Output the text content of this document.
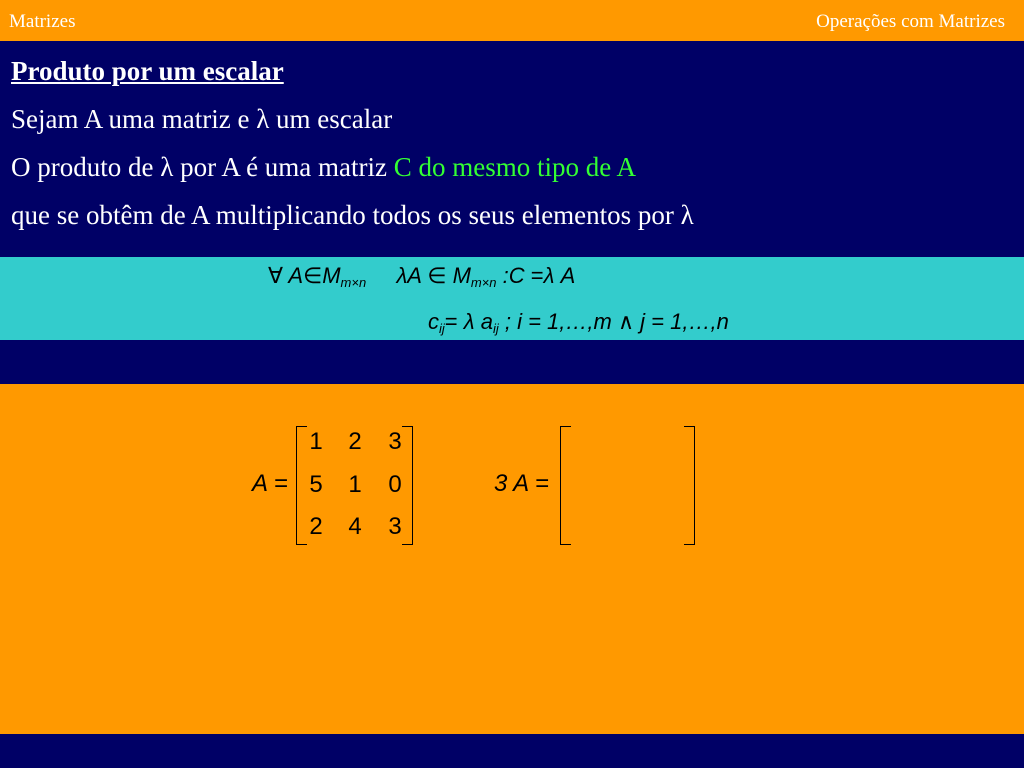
Matrizes	Operações com Matrizes
Produto por um escalar
Sejam A uma matriz e λ um escalar
O produto de λ por A é uma matriz C do mesmo tipo de A
que se obtêm de A multiplicando todos os seus elementos por λ
∀ $A\in M_{m\times n}$ λA ∈ $M_{m\times n}$ :C =λ A
$c_{ij}= \lambda$ $a_{ij}$ ; i = 1,…,m ∧ j = 1,…,n
A =
1 2 3
5 1 0
2 4 3
3 A =
